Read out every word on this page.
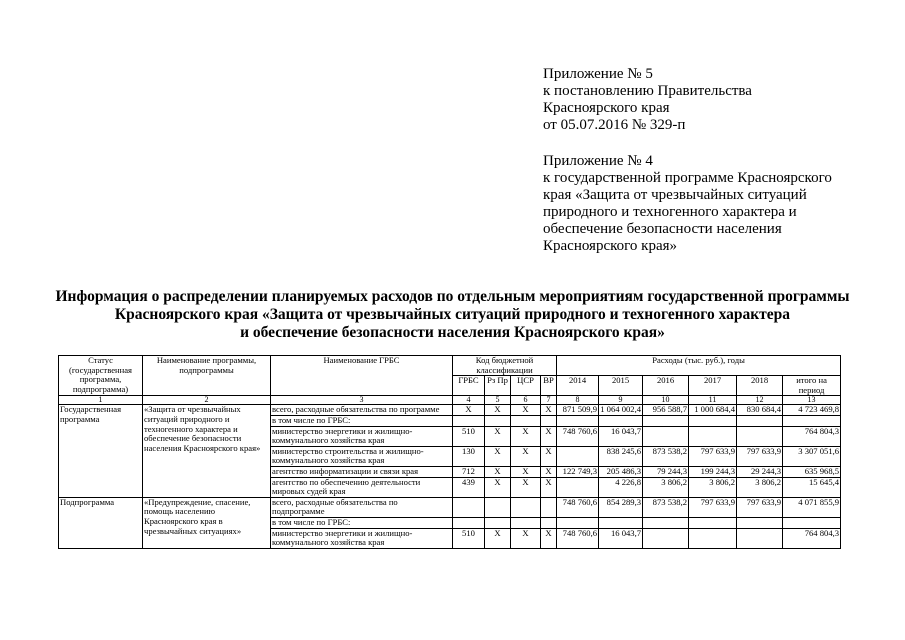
Приложение № 5
к постановлению Правительства
Красноярского края
от 05.07.2016 № 329-п
Приложение № 4
к государственной программе Красноярского
края «Защита от чрезвычайных ситуаций
природного и техногенного характера и
обеспечение безопасности населения
Красноярского края»
Информация о распределении планируемых расходов по отдельным мероприятиям государственной программы
Красноярского края «Защита от чрезвычайных ситуаций природного и техногенного характера
и обеспечение безопасности населения Красноярского края»
Статус (государственная программа, подпрограмма)	Наименование программы, подпрограммы	Наименование ГРБС	Код бюджетной классификации				Расходы (тыс. руб.), годы					
			ГРБС	Рз Пр	ЦСР	ВР	2014	2015	2016	2017	2018	итого на период
1	2	3	4	5	6	7	8	9	10	11	12	13
Государственная программа	«Защита от чрезвычайных ситуаций природного и техногенного характера и обеспечение безопасности населения Красноярского края»	всего, расходные обязательства по программе	X	X	X	X	871 509,9	1 064 002,4	956 588,7	1 000 684,4	830 684,4	4 723 469,8
		в том числе по ГРБС:										
		министерство энергетики и жилищно-коммунального хозяйства края	510	X	X	X	748 760,6	16 043,7				764 804,3
		министерство строительства и жилищно-коммунального хозяйства края	130	X	X	X		838 245,6	873 538,2	797 633,9	797 633,9	3 307 051,6
		агентство информатизации и связи края	712	X	X	X	122 749,3	205 486,3	79 244,3	199 244,3	29 244,3	635 968,5
		агентство по обеспечению деятельности мировых судей края	439	X	X	X		4 226,8	3 806,2	3 806,2	3 806,2	15 645,4
Подпрограмма	«Предупреждение, спасение, помощь населению Красноярского края в чрезвычайных ситуациях»	всего, расходные обязательства по подпрограмме					748 760,6	854 289,3	873 538,2	797 633,9	797 633,9	4 071 855,9
		в том числе по ГРБС:										
		министерство энергетики и жилищно-коммунального хозяйства края	510	X	X	X	748 760,6	16 043,7				764 804,3
